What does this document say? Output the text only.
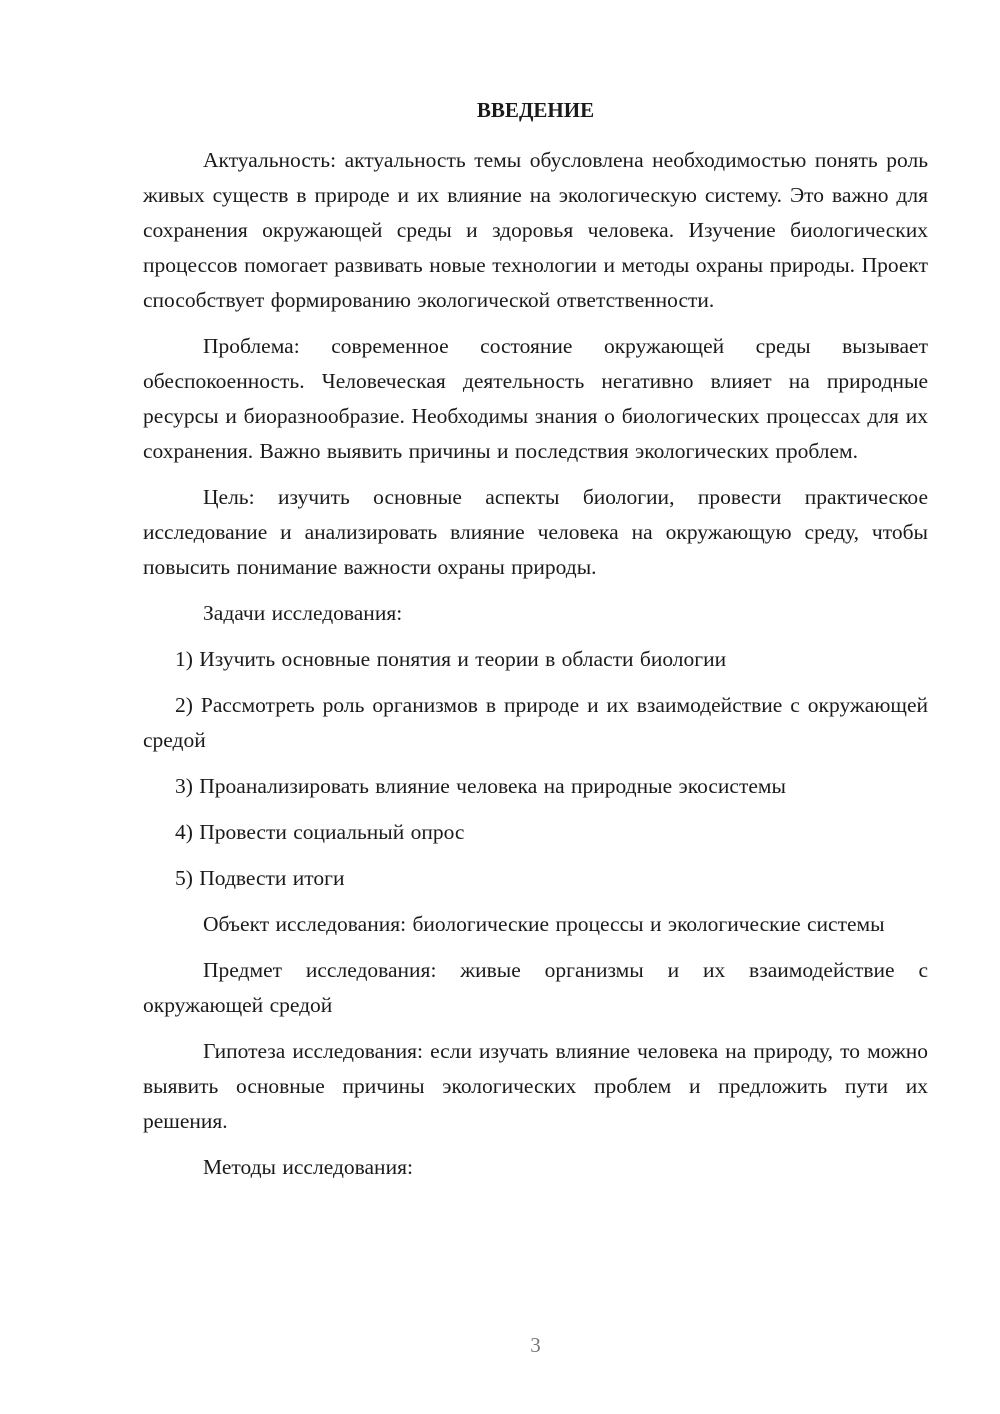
ВВЕДЕНИЕ

Актуальность: актуальность темы обусловлена необходимостью понять роль живых существ в природе и их влияние на экологическую систему. Это важно для сохранения окружающей среды и здоровья человека. Изучение биологических процессов помогает развивать новые технологии и методы охраны природы. Проект способствует формированию экологической ответственности.

Проблема: современное состояние окружающей среды вызывает обеспокоенность. Человеческая деятельность негативно влияет на природные ресурсы и биоразнообразие. Необходимы знания о биологических процессах для их сохранения. Важно выявить причины и последствия экологических проблем.

Цель: изучить основные аспекты биологии, провести практическое исследование и анализировать влияние человека на окружающую среду, чтобы повысить понимание важности охраны природы.

Задачи исследования:

1) Изучить основные понятия и теории в области биологии

2) Рассмотреть роль организмов в природе и их взаимодействие с окружающей средой

3) Проанализировать влияние человека на природные экосистемы

4) Провести социальный опрос

5) Подвести итоги

Объект исследования: биологические процессы и экологические системы

Предмет исследования: живые организмы и их взаимодействие с окружающей средой

Гипотеза исследования: если изучать влияние человека на природу, то можно выявить основные причины экологических проблем и предложить пути их решения.

Методы исследования:

3
